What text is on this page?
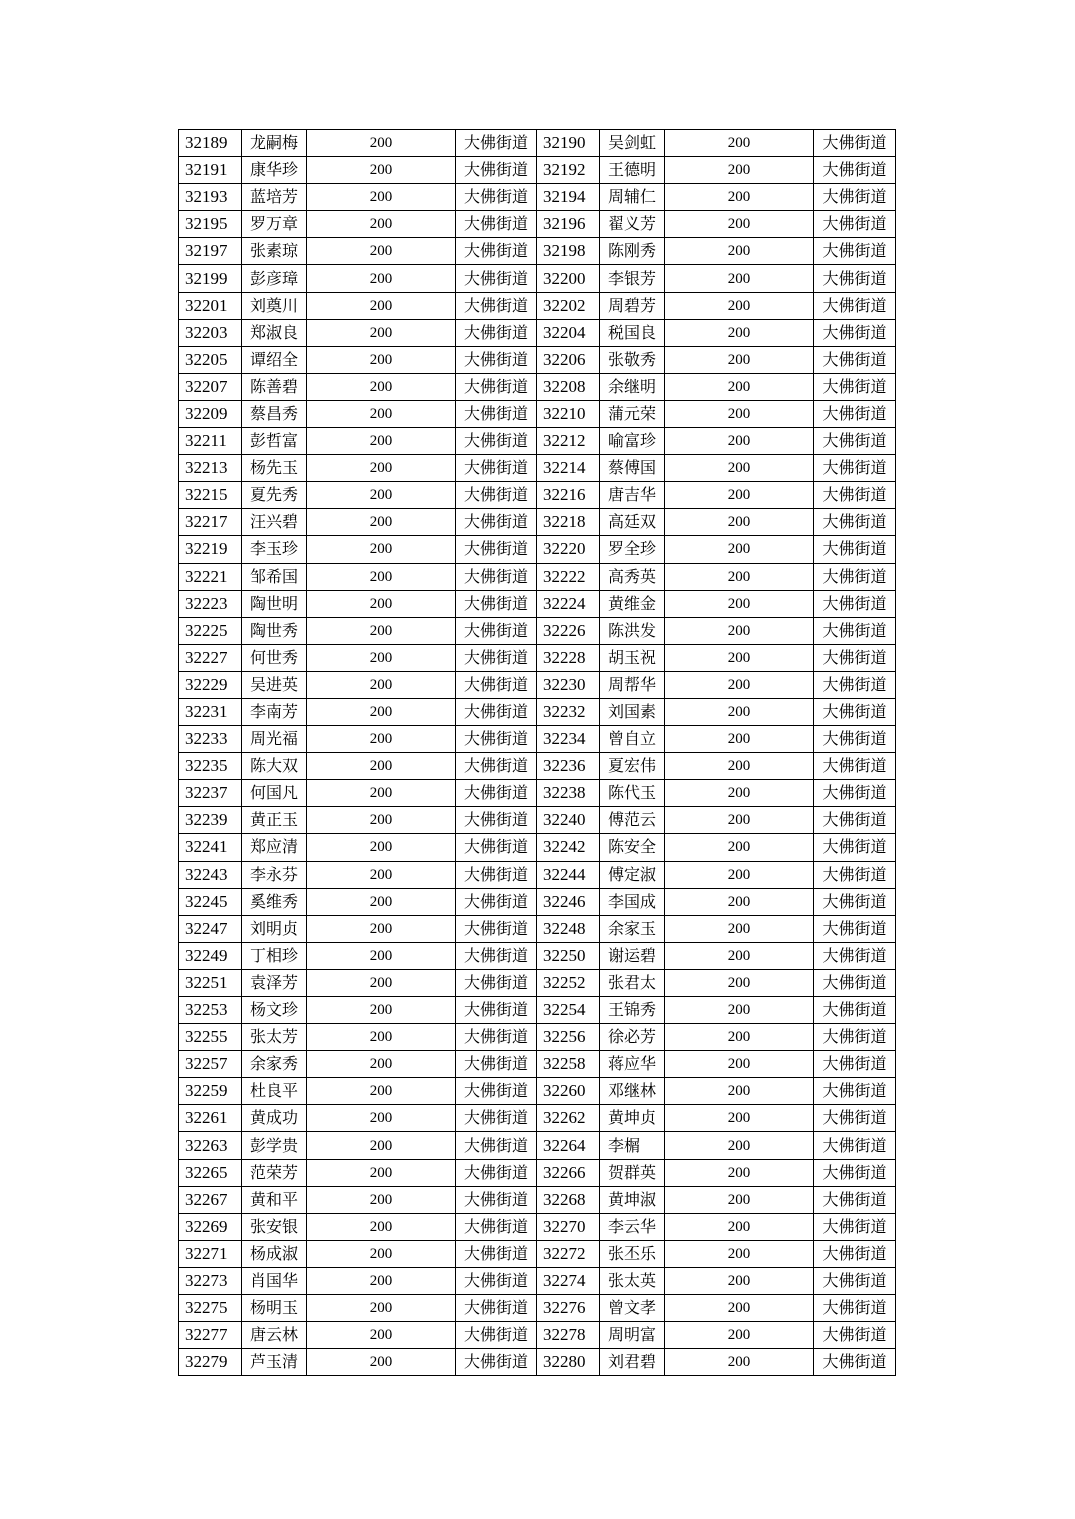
32189	龙嗣梅	200	大佛街道	32190	吴剑虹	200	大佛街道
32191	康华珍	200	大佛街道	32192	王德明	200	大佛街道
32193	蓝培芳	200	大佛街道	32194	周辅仁	200	大佛街道
32195	罗万章	200	大佛街道	32196	翟义芳	200	大佛街道
32197	张素琼	200	大佛街道	32198	陈刚秀	200	大佛街道
32199	彭彦璋	200	大佛街道	32200	李银芳	200	大佛街道
32201	刘奠川	200	大佛街道	32202	周碧芳	200	大佛街道
32203	郑淑良	200	大佛街道	32204	税国良	200	大佛街道
32205	谭绍全	200	大佛街道	32206	张敬秀	200	大佛街道
32207	陈善碧	200	大佛街道	32208	余继明	200	大佛街道
32209	蔡昌秀	200	大佛街道	32210	蒲元荣	200	大佛街道
32211	彭哲富	200	大佛街道	32212	喻富珍	200	大佛街道
32213	杨先玉	200	大佛街道	32214	蔡傅国	200	大佛街道
32215	夏先秀	200	大佛街道	32216	唐吉华	200	大佛街道
32217	汪兴碧	200	大佛街道	32218	高廷双	200	大佛街道
32219	李玉珍	200	大佛街道	32220	罗全珍	200	大佛街道
32221	邹希国	200	大佛街道	32222	高秀英	200	大佛街道
32223	陶世明	200	大佛街道	32224	黄维金	200	大佛街道
32225	陶世秀	200	大佛街道	32226	陈洪发	200	大佛街道
32227	何世秀	200	大佛街道	32228	胡玉祝	200	大佛街道
32229	吴进英	200	大佛街道	32230	周帮华	200	大佛街道
32231	李南芳	200	大佛街道	32232	刘国素	200	大佛街道
32233	周光福	200	大佛街道	32234	曾自立	200	大佛街道
32235	陈大双	200	大佛街道	32236	夏宏伟	200	大佛街道
32237	何国凡	200	大佛街道	32238	陈代玉	200	大佛街道
32239	黄正玉	200	大佛街道	32240	傅范云	200	大佛街道
32241	郑应清	200	大佛街道	32242	陈安全	200	大佛街道
32243	李永芬	200	大佛街道	32244	傅定淑	200	大佛街道
32245	奚维秀	200	大佛街道	32246	李国成	200	大佛街道
32247	刘明贞	200	大佛街道	32248	余家玉	200	大佛街道
32249	丁相珍	200	大佛街道	32250	谢运碧	200	大佛街道
32251	袁泽芳	200	大佛街道	32252	张君太	200	大佛街道
32253	杨文珍	200	大佛街道	32254	王锦秀	200	大佛街道
32255	张太芳	200	大佛街道	32256	徐必芳	200	大佛街道
32257	余家秀	200	大佛街道	32258	蒋应华	200	大佛街道
32259	杜良平	200	大佛街道	32260	邓继林	200	大佛街道
32261	黄成功	200	大佛街道	32262	黄坤贞	200	大佛街道
32263	彭学贵	200	大佛街道	32264	李榍	200	大佛街道
32265	范荣芳	200	大佛街道	32266	贺群英	200	大佛街道
32267	黄和平	200	大佛街道	32268	黄坤淑	200	大佛街道
32269	张安银	200	大佛街道	32270	李云华	200	大佛街道
32271	杨成淑	200	大佛街道	32272	张丕乐	200	大佛街道
32273	肖国华	200	大佛街道	32274	张太英	200	大佛街道
32275	杨明玉	200	大佛街道	32276	曾文孝	200	大佛街道
32277	唐云林	200	大佛街道	32278	周明富	200	大佛街道
32279	芦玉清	200	大佛街道	32280	刘君碧	200	大佛街道
